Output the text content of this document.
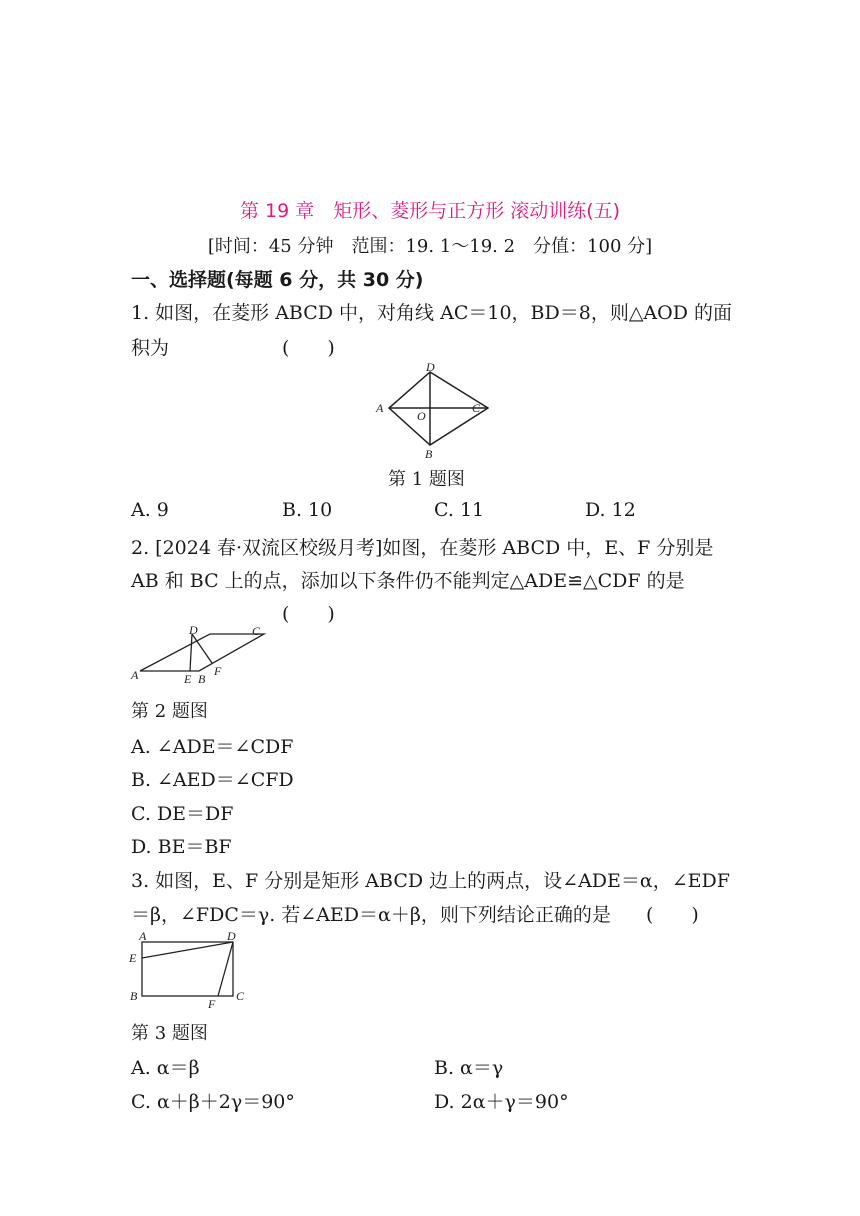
第 19 章　矩形、菱形与正方形 滚动训练(五)
[时间：45 分钟　范围：19. 1～19. 2　分值：100 分]
一、选择题(每题 6 分，共 30 分)
1. 如图，在菱形 ABCD 中，对角线 AC＝10，BD＝8，则△AOD 的面
积为	(　　)
D
A	C
O
B
第 1 题图
A. 9	B. 10	C. 11	D. 12
2. [2024 春·双流区校级月考]如图，在菱形 ABCD 中，E、F 分别是
AB 和 BC 上的点，添加以下条件仍不能判定△ADE≌△CDF 的是
(　　)
D	C
A	E B
F
第 2 题图
A. ∠ADE＝∠CDF
B. ∠AED＝∠CFD
C. DE＝DF
D. BE＝BF
3. 如图，E、F 分别是矩形 ABCD 边上的两点，设∠ADE＝α，∠EDF
＝β，∠FDC＝γ. 若∠AED＝α＋β，则下列结论正确的是 (　　)
A	D
E
B
F
C
第 3 题图
A. α＝β	B. α＝γ
C. α＋β＋2γ＝90°	D. 2α＋γ＝90°
